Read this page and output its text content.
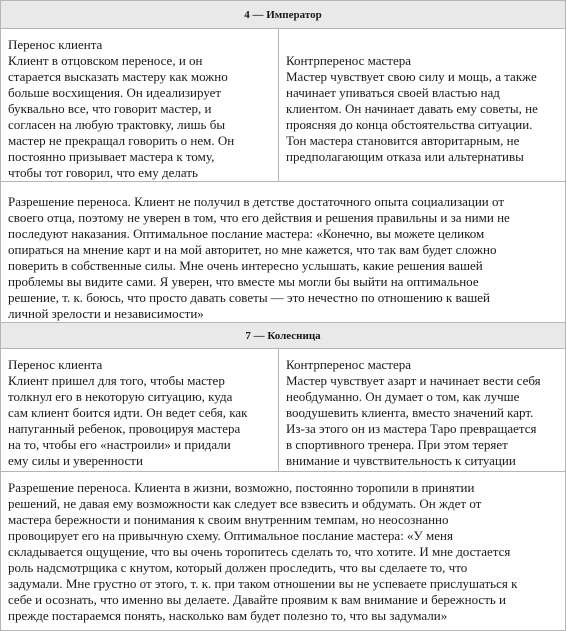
4 — Император

Перенос клиента
Клиент в отцовском переносе, и он
старается высказать мастеру как можно
больше восхищения. Он идеализирует
буквально все, что говорит мастер, и
согласен на любую трактовку, лишь бы
мастер не прекращал говорить о нем. Он
постоянно призывает мастера к тому,
чтобы тот говорил, что ему делать

Контрперенос мастера
Мастер чувствует свою силу и мощь, а также
начинает упиваться своей властью над
клиентом. Он начинает давать ему советы, не
проясняя до конца обстоятельства ситуации.
Тон мастера становится авторитарным, не
предполагающим отказа или альтернативы

Разрешение переноса. Клиент не получил в детстве достаточного опыта социализации от
своего отца, поэтому не уверен в том, что его действия и решения правильны и за ними не
последуют наказания. Оптимальное послание мастера: «Конечно, вы можете целиком
опираться на мнение карт и на мой авторитет, но мне кажется, что так вам будет сложно
поверить в собственные силы. Мне очень интересно услышать, какие решения вашей
проблемы вы видите сами. Я уверен, что вместе мы могли бы выйти на оптимальное
решение, т. к. боюсь, что просто давать советы — это нечестно по отношению к вашей
личной зрелости и независимости»
7 — Колесница

Перенос клиента
Клиент пришел для того, чтобы мастер
толкнул его в некоторую ситуацию, куда
сам клиент боится идти. Он ведет себя, как
напуганный ребенок, провоцируя мастера
на то, чтобы его «настроили» и придали
ему силы и уверенности

Контрперенос мастера
Мастер чувствует азарт и начинает вести себя
необдуманно. Он думает о том, как лучше
воодушевить клиента, вместо значений карт.
Из-за этого он из мастера Таро превращается
в спортивного тренера. При этом теряет
внимание и чувствительность к ситуации

Разрешение переноса. Клиента в жизни, возможно, постоянно торопили в принятии
решений, не давая ему возможности как следует все взвесить и обдумать. Он ждет от
мастера бережности и понимания к своим внутренним темпам, но неосознанно
провоцирует его на привычную схему. Оптимальное послание мастера: «У меня
складывается ощущение, что вы очень торопитесь сделать то, что хотите. И мне достается
роль надсмотрщика с кнутом, который должен проследить, что вы сделаете то, что
задумали. Мне грустно от этого, т. к. при таком отношении вы не успеваете прислушаться к
себе и осознать, что именно вы делаете. Давайте проявим к вам внимание и бережность и
прежде постараемся понять, насколько вам будет полезно то, что вы задумали»
